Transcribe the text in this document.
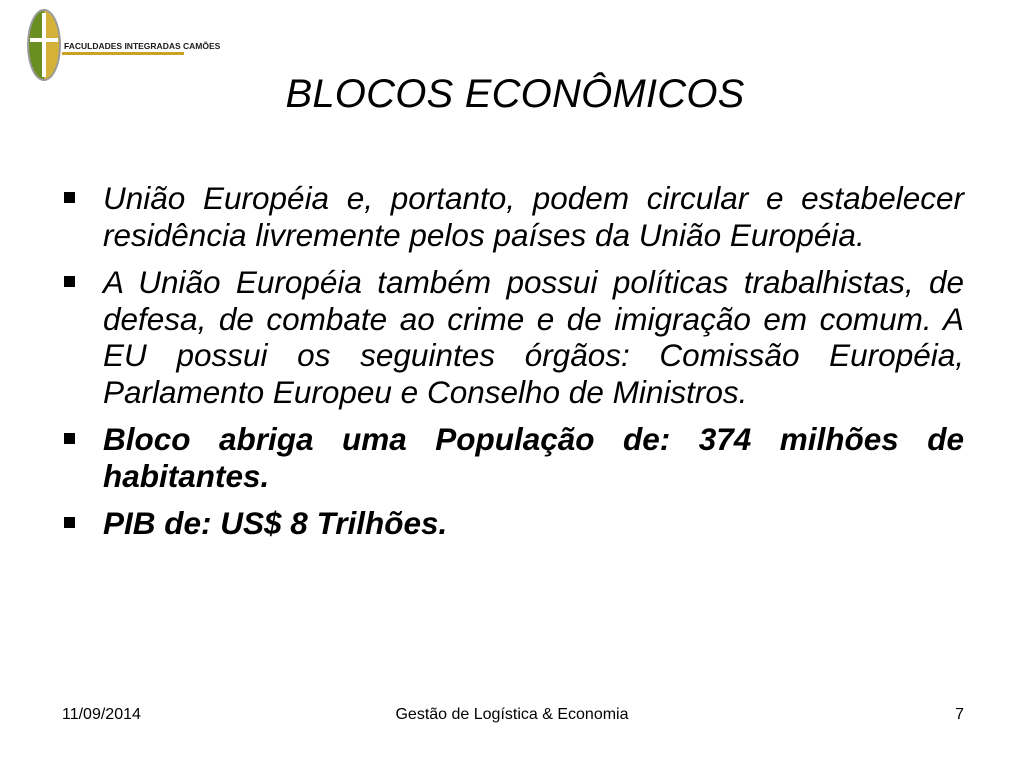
FACULDADES INTEGRADAS CAMÕES
BLOCOS ECONÔMICOS
União Européia e, portanto, podem circular e estabelecer residência livremente pelos países da União Européia.
A União Européia também possui políticas trabalhistas, de defesa, de combate ao crime e de imigração em comum. A EU possui os seguintes órgãos: Comissão Européia, Parlamento Europeu e Conselho de Ministros.
Bloco abriga uma População de: 374 milhões de habitantes.
PIB de: US$ 8 Trilhões.
11/09/2014	Gestão de Logística & Economia	7
